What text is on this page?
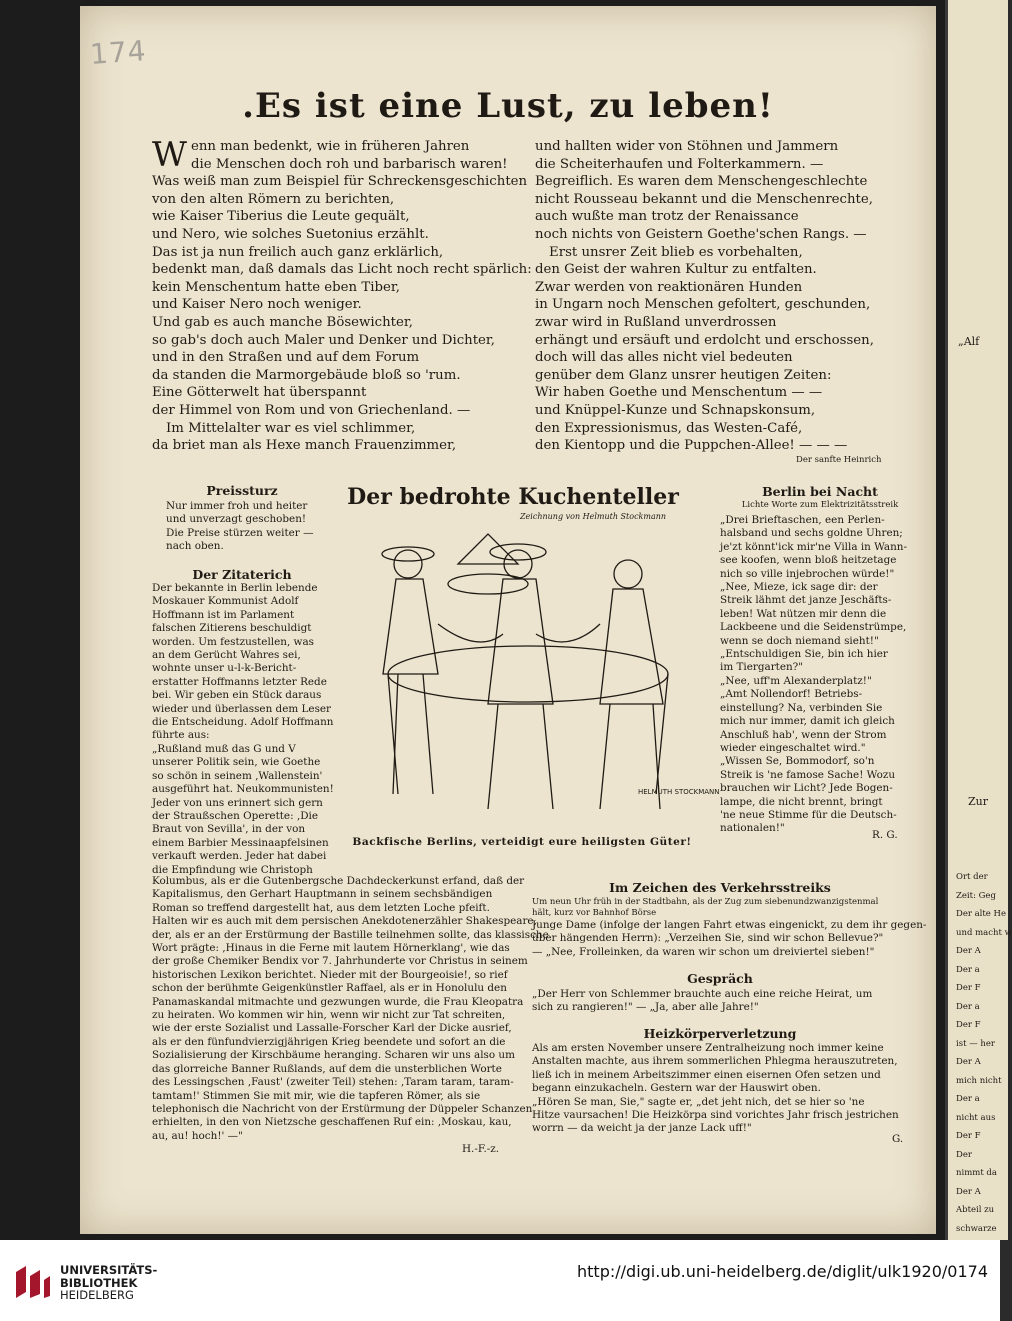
174
.Es ist eine Lust, zu leben!
W enn man bedenkt, wie in früheren Jahren
die Menschen doch roh und barbarisch waren!
Was weiß man zum Beispiel für Schreckensgeschichten
von den alten Römern zu berichten,
wie Kaiser Tiberius die Leute gequält,
und Nero, wie solches Suetonius erzählt.
Das ist ja nun freilich auch ganz erklärlich,
bedenkt man, daß damals das Licht noch recht spärlich:
kein Menschentum hatte eben Tiber,
und Kaiser Nero noch weniger.
Und gab es auch manche Bösewichter,
so gab's doch auch Maler und Denker und Dichter,
und in den Straßen und auf dem Forum
da standen die Marmorgebäude bloß so 'rum.
Eine Götterwelt hat überspannt
der Himmel von Rom und von Griechenland. —
Im Mittelalter war es viel schlimmer,
da briet man als Hexe manch Frauenzimmer,
und hallten wider von Stöhnen und Jammern
die Scheiterhaufen und Folterkammern. —
Begreiflich. Es waren dem Menschengeschlechte
nicht Rousseau bekannt und die Menschenrechte,
auch wußte man trotz der Renaissance
noch nichts von Geistern Goethe'schen Rangs. —
Erst unsrer Zeit blieb es vorbehalten,
den Geist der wahren Kultur zu entfalten.
Zwar werden von reaktionären Hunden
in Ungarn noch Menschen gefoltert, geschunden,
zwar wird in Rußland unverdrossen
erhängt und ersäuft und erdolcht und erschossen,
doch will das alles nicht viel bedeuten
genüber dem Glanz unsrer heutigen Zeiten:
Wir haben Goethe und Menschentum — —
und Knüppel-Kunze und Schnapskonsum,
den Expressionismus, das Westen-Café,
den Kientopp und die Puppchen-Allee! — — —
Der sanfte Heinrich
Preissturz
Nur immer froh und heiter
und unverzagt geschoben!
Die Preise stürzen weiter —
nach oben.
Der Zitaterich
Der bekannte in Berlin lebende
Moskauer Kommunist Adolf
Hoffmann ist im Parlament
falschen Zitierens beschuldigt
worden. Um festzustellen, was
an dem Gerücht Wahres sei,
wohnte unser u-l-k-Bericht-
erstatter Hoffmanns letzter Rede
bei. Wir geben ein Stück daraus
wieder und überlassen dem Leser
die Entscheidung. Adolf Hoffmann
führte aus:
„Rußland muß das G und V
unserer Politik sein, wie Goethe
so schön in seinem ‚Wallenstein'
ausgeführt hat. Neukommunisten!
Jeder von uns erinnert sich gern
der Straußschen Operette: ‚Die
Braut von Sevilla', in der von
einem Barbier Messinaapfelsinen
verkauft werden. Jeder hat dabei
die Empfindung wie Christoph
Kolumbus, als er die Gutenbergsche Dachdeckerkunst erfand, daß der
Kapitalismus, den Gerhart Hauptmann in seinem sechsbändigen
Roman so treffend dargestellt hat, aus dem letzten Loche pfeift.
Halten wir es auch mit dem persischen Anekdotenerzähler Shakespeare,
der, als er an der Erstürmung der Bastille teilnehmen sollte, das klassische
Wort prägte: ‚Hinaus in die Ferne mit lautem Hörnerklang', wie das
der große Chemiker Bendix vor 7. Jahrhunderte vor Christus in seinem
historischen Lexikon berichtet. Nieder mit der Bourgeoisie!, so rief
schon der berühmte Geigenkünstler Raffael, als er in Honolulu den
Panamaskandal mitmachte und gezwungen wurde, die Frau Kleopatra
zu heiraten. Wo kommen wir hin, wenn wir nicht zur Tat schreiten,
wie der erste Sozialist und Lassalle-Forscher Karl der Dicke ausrief,
als er den fünfundvierzigjährigen Krieg beendete und sofort an die
Sozialisierung der Kirschbäume heranging. Scharen wir uns also um
das glorreiche Banner Rußlands, auf dem die unsterblichen Worte
des Lessingschen ‚Faust' (zweiter Teil) stehen: ‚Taram taram, taram-
tamtam!' Stimmen Sie mit mir, wie die tapferen Römer, als sie
telephonisch die Nachricht von der Erstürmung der Düppeler Schanzen
erhielten, in den von Nietzsche geschaffenen Ruf ein: ‚Moskau, kau,
au, au! hoch!' —"
H.-F.-z.
Der bedrohte Kuchenteller
Zeichnung von Helmuth Stockmann
HELMUTH STOCKMANN
Backfische Berlins, verteidigt eure heiligsten Güter!
Berlin bei Nacht
Lichte Worte zum Elektrizitätsstreik
„Drei Brieftaschen, een Perlen-
halsband und sechs goldne Uhren;
je'zt könnt'ick mir'ne Villa in Wann-
see koofen, wenn bloß heitzetage
nich so ville injebrochen würde!"
„Nee, Mieze, ick sage dir: der
Streik lähmt det janze Jeschäfts-
leben! Wat nützen mir denn die
Lackbeene und die Seidenstrümpe,
wenn se doch niemand sieht!"
„Entschuldigen Sie, bin ich hier
im Tiergarten?"
„Nee, uff'm Alexanderplatz!"
„Amt Nollendorf! Betriebs-
einstellung? Na, verbinden Sie
mich nur immer, damit ich gleich
Anschluß hab', wenn der Strom
wieder eingeschaltet wird."
„Wissen Se, Bommodorf, so'n
Streik is 'ne famose Sache! Wozu
brauchen wir Licht? Jede Bogen-
lampe, die nicht brennt, bringt
'ne neue Stimme für die Deutsch-
nationalen!"
R. G.
Im Zeichen des Verkehrsstreiks
Um neun Uhr früh in der Stadtbahn, als der Zug zum siebenundzwanzigstenmal
hält, kurz vor Bahnhof Börse
Junge Dame (infolge der langen Fahrt etwas eingenickt, zu dem ihr gegen-
über hängenden Herrn): „Verzeihen Sie, sind wir schon Bellevue?"
— „Nee, Frolleinken, da waren wir schon um dreiviertel sieben!"
Gespräch
„Der Herr von Schlemmer brauchte auch eine reiche Heirat, um
sich zu rangieren!" — „Ja, aber alle Jahre!"
Heizkörperverletzung
Als am ersten November unsere Zentralheizung noch immer keine
Anstalten machte, aus ihrem sommerlichen Phlegma herauszutreten,
ließ ich in meinem Arbeitszimmer einen eisernen Ofen setzen und
begann einzukacheln. Gestern war der Hauswirt oben.
„Hören Se man, Sie," sagte er, „det jeht nich, det se hier so 'ne
Hitze vaursachen! Die Heizkörpa sind vorichtes Jahr frisch jestrichen
worrn — da weicht ja der janze Lack uff!"
G.
„Alf
Zur
Ort der
Zeit: Geg
Der alte He
und macht w
Der A
Der a
Der F
Der a
Der F
ist — her
Der A
mich nicht
Der a
nicht aus
Der F
Der
nimmt da
Der A
Abteil zu
schwarze
UNIVERSITÄTS-
BIBLIOTHEK
HEIDELBERG
http://digi.ub.uni-heidelberg.de/diglit/ulk1920/0174
